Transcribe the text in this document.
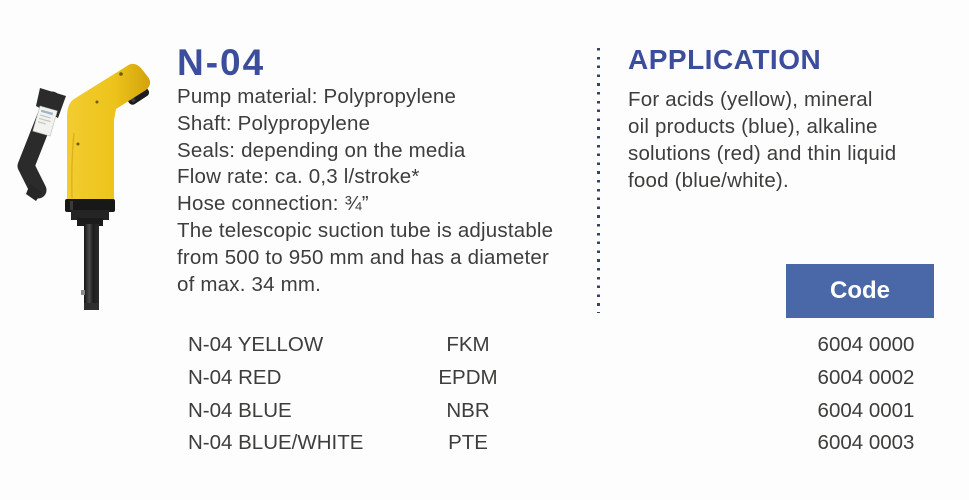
N-04
Pump material: Polypropylene
Shaft: Polypropylene
Seals: depending on the media
Flow rate: ca. 0,3 l/stroke*
Hose connection: ¾”
The telescopic suction tube is adjustable
from 500 to 950 mm and has a diameter
of max. 34 mm.
APPLICATION
For acids (yellow), mineral
oil products (blue), alkaline
solutions (red) and thin liquid
food (blue/white).
Code
N-04 YELLOW	FKM	6004 0000
N-04 RED	EPDM	6004 0002
N-04 BLUE	NBR	6004 0001
N-04 BLUE/WHITE	PTE	6004 0003
